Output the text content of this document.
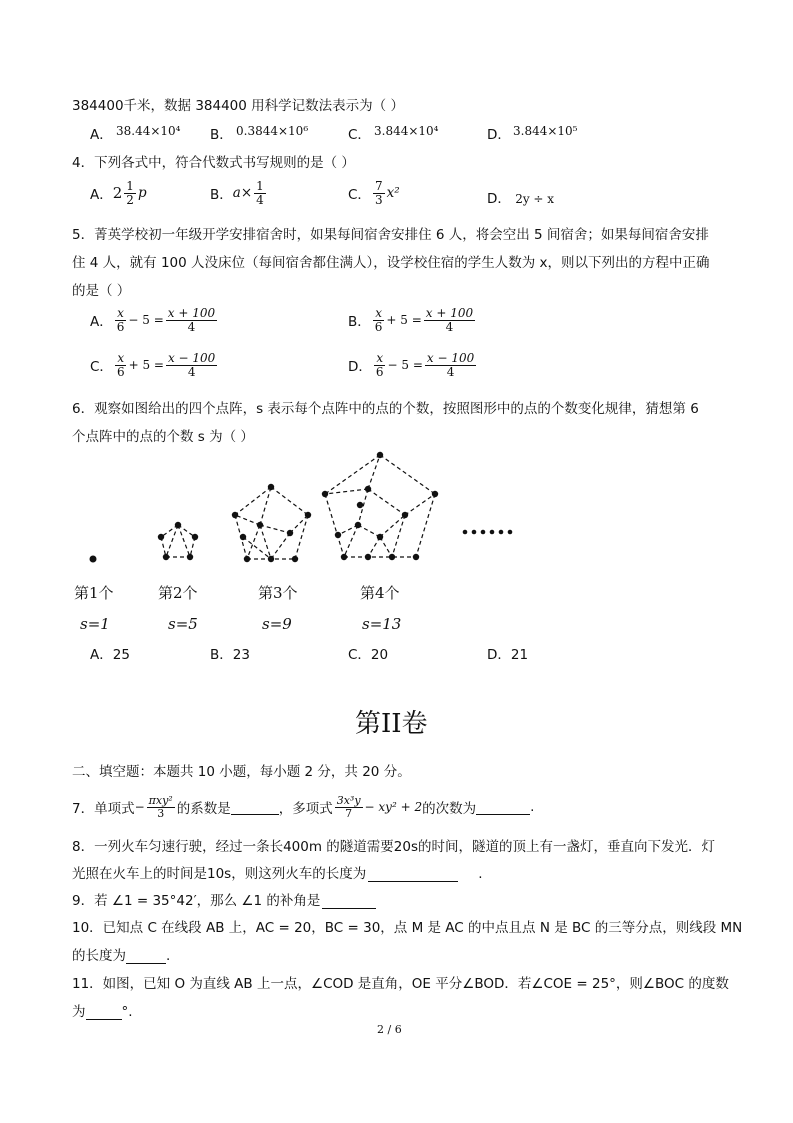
384400千米，数据 384400 用科学记数法表示为（ ）
A． 38.44×10⁴ B． 0.3844×10⁶	C． 3.844×10⁴	D． 3.844×10⁵
4．下列各式中，符合代数式书写规则的是（ ）
A． $2 \frac{1}{2}$ p	B． $a\times \frac{1}{4}$	C． $\frac{7}{3} x^2$	D． 2y ÷ x
5．菁英学校初一年级开学安排宿舍时，如果每间宿舍安排住 6 人，将会空出 5 间宿舍；如果每间宿舍安排
住 4 人，就有 100 人没床位（每间宿舍都住满人），设学校住宿的学生人数为 x，则以下列出的方程中正确
的是（ ）
A． $\frac{x}{6} - 5 = \frac{x + 100}{4}$	B． $\frac{x}{6} + 5 = \frac{x + 100}{4}$
C． $\frac{x}{6} + 5 = \frac{x - 100}{4}$	D． $\frac{x}{6} - 5 = \frac{x - 100}{4}$
6．观察如图给出的四个点阵，s 表示每个点阵中的点的个数，按照图形中的点的个数变化规律，猜想第 6
个点阵中的点的个数 s 为（ ）
第1个	第2个	第3个	第4个
s=1	s=5	s=9	s=13
A．25	B．23	C．20	D．21
第II卷
二、填空题：本题共 10 小题，每小题 2 分，共 20 分。
7．单项式 − $\frac{\text{πxy²}}{3}$ 的系数是	，多项式 $\frac{\text{3x³y}}{7} - xy^2 + 2$ 的次数为	.
8．一列火车匀速行驶，经过一条长400m 的隧道需要20s的时间，隧道的顶上有一盏灯，垂直向下发光．灯
光照在火车上的时间是10s，则这列火车的长度为	.
9．若 ∠1 = 35°42′，那么 ∠1 的补角是
10．已知点 C 在线段 AB 上，AC = 20，BC = 30，点 M 是 AC 的中点且点 N 是 BC 的三等分点，则线段 MN
的长度为	.
11．如图，已知 O 为直线 AB 上一点，∠COD 是直角，OE 平分∠BOD．若∠COE = 25°，则∠BOC 的度数
为	°.
2 / 6
